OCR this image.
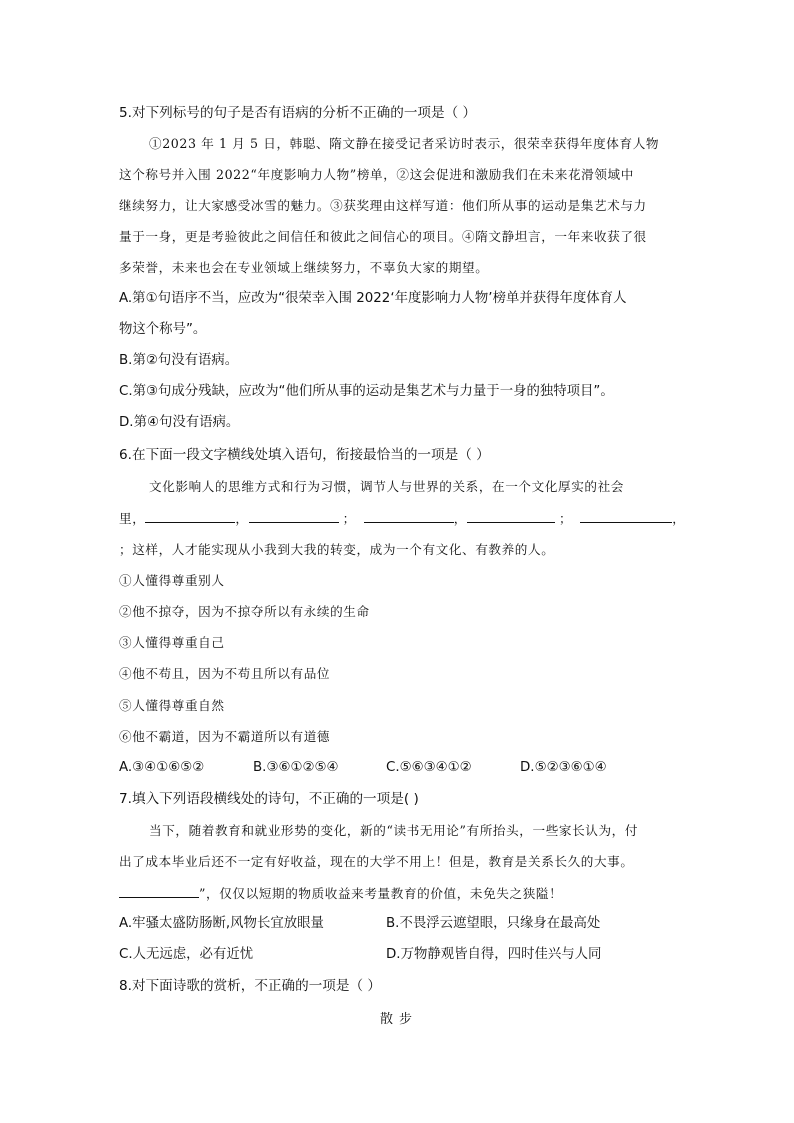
5.对下列标号的句子是否有语病的分析不正确的一项是（ ）
①2023 年 1 月 5 日，韩聪、隋文静在接受记者采访时表示，很荣幸获得年度体育人物
这个称号并入围 2022“年度影响力人物”榜单，②这会促进和激励我们在未来花滑领域中
继续努力，让大家感受冰雪的魅力。③获奖理由这样写道：他们所从事的运动是集艺术与力
量于一身，更是考验彼此之间信任和彼此之间信心的项目。④隋文静坦言，一年来收获了很
多荣誉，未来也会在专业领域上继续努力，不辜负大家的期望。
A.第①句语序不当，应改为“很荣幸入围 2022‘年度影响力人物’榜单并获得年度体育人
物这个称号”。
B.第②句没有语病。
C.第③句成分残缺，应改为“他们所从事的运动是集艺术与力量于一身的独特项目”。
D.第④句没有语病。
6.在下面一段文字横线处填入语句，衔接最恰当的一项是（ ）
文化影响人的思维方式和行为习惯，调节人与世界的关系，在一个文化厚实的社会
里，	，	；	，	；	，
；这样，人才能实现从小我到大我的转变，成为一个有文化、有教养的人。
①人懂得尊重别人
②他不掠夺，因为不掠夺所以有永续的生命
③人懂得尊重自己
④他不苟且，因为不苟且所以有品位
⑤人懂得尊重自然
⑥他不霸道，因为不霸道所以有道德
A.③④①⑥⑤②	B.③⑥①②⑤④	C.⑤⑥③④①②	D.⑤②③⑥①④
7.填入下列语段横线处的诗句，不正确的一项是( )
当下，随着教育和就业形势的变化，新的“读书无用论”有所抬头，一些家长认为，付
出了成本毕业后还不一定有好收益，现在的大学不用上！但是，教育是关系长久的大事。
”，仅仅以短期的物质收益来考量教育的价值，未免失之狭隘！
A.牢骚太盛防肠断,风物长宜放眼量	B.不畏浮云遮望眼，只缘身在最高处
C.人无远虑，必有近忧	D.万物静观皆自得，四时佳兴与人同
8.对下面诗歌的赏析，不正确的一项是（ ）
散步
